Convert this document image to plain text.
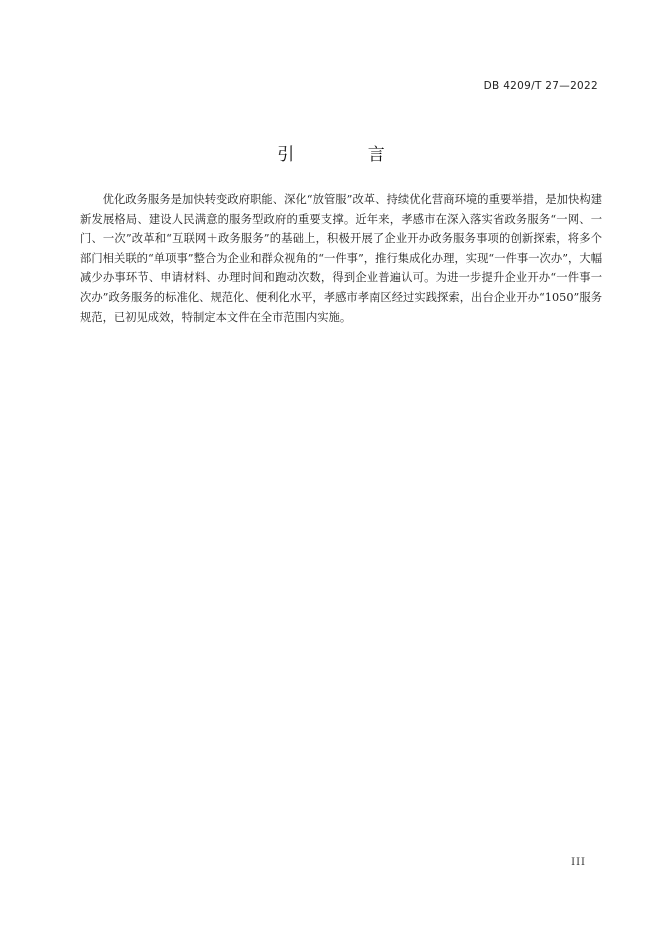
DB 4209/T 27—2022
引 言

优化政务服务是加快转变政府职能、深化“放管服”改革、持续优化营商环境的重要举措，是加快构建新发展格局、建设人民满意的服务型政府的重要支撑。近年来，孝感市在深入落实省政务服务“一网、一门、一次”改革和“互联网＋政务服务”的基础上，积极开展了企业开办政务服务事项的创新探索，将多个部门相关联的“单项事”整合为企业和群众视角的“一件事”，推行集成化办理，实现“一件事一次办”，大幅减少办事环节、申请材料、办理时间和跑动次数，得到企业普遍认可。为进一步提升企业开办“一件事一次办”政务服务的标准化、规范化、便利化水平，孝感市孝南区经过实践探索，出台企业开办“1050”服务规范，已初见成效，特制定本文件在全市范围内实施。

III
